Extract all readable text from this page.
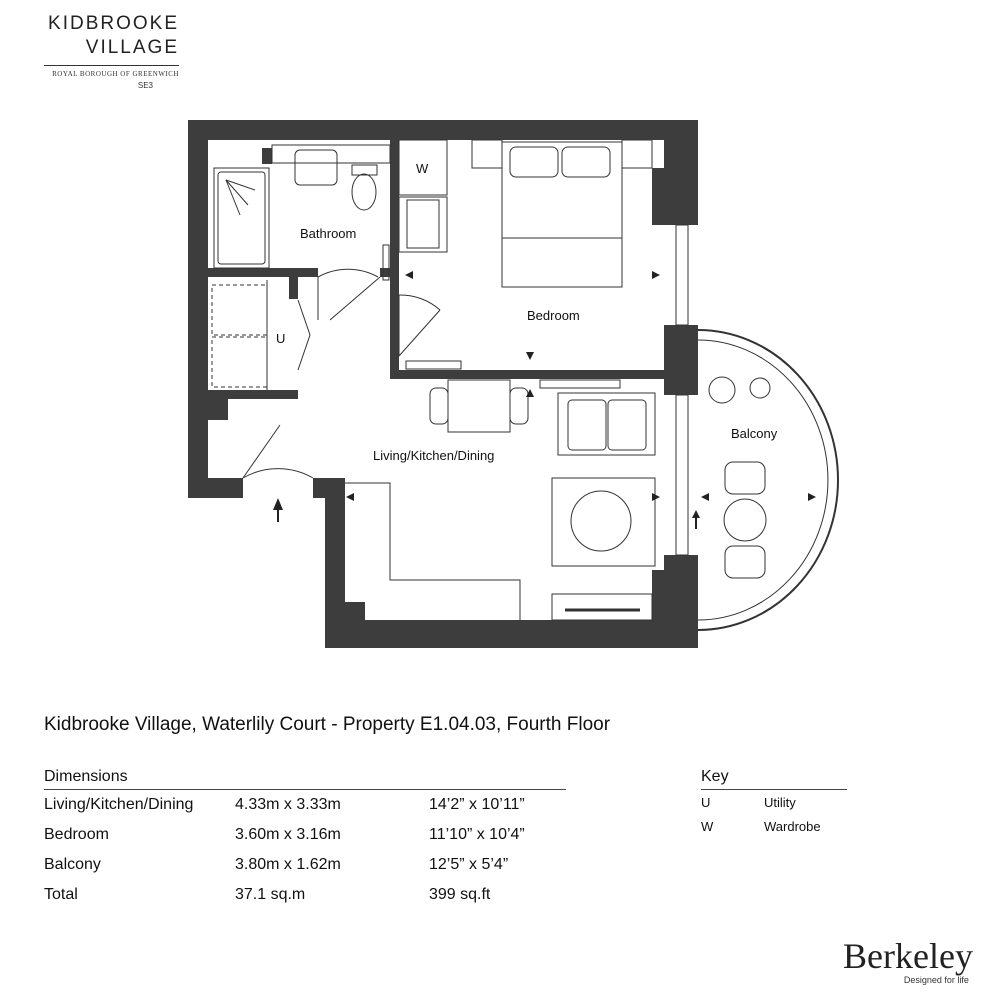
KIDBROOKE
VILLAGE
ROYAL BOROUGH OF GREENWICH
SE3
Bathroom
Bedroom
Living/Kitchen/Dining
Balcony
W
U
Kidbrooke Village, Waterlily Court - Property E1.04.03, Fourth Floor
Dimensions
Living/Kitchen/Dining	4.33m x 3.33m	14’2” x 10’11”
Bedroom	3.60m x 3.16m	11’10” x 10’4”
Balcony	3.80m x 1.62m	12’5” x 5’4”
Total	37.1 sq.m	399 sq.ft
Key
U	Utility
W	Wardrobe
Berkeley
Designed for life
